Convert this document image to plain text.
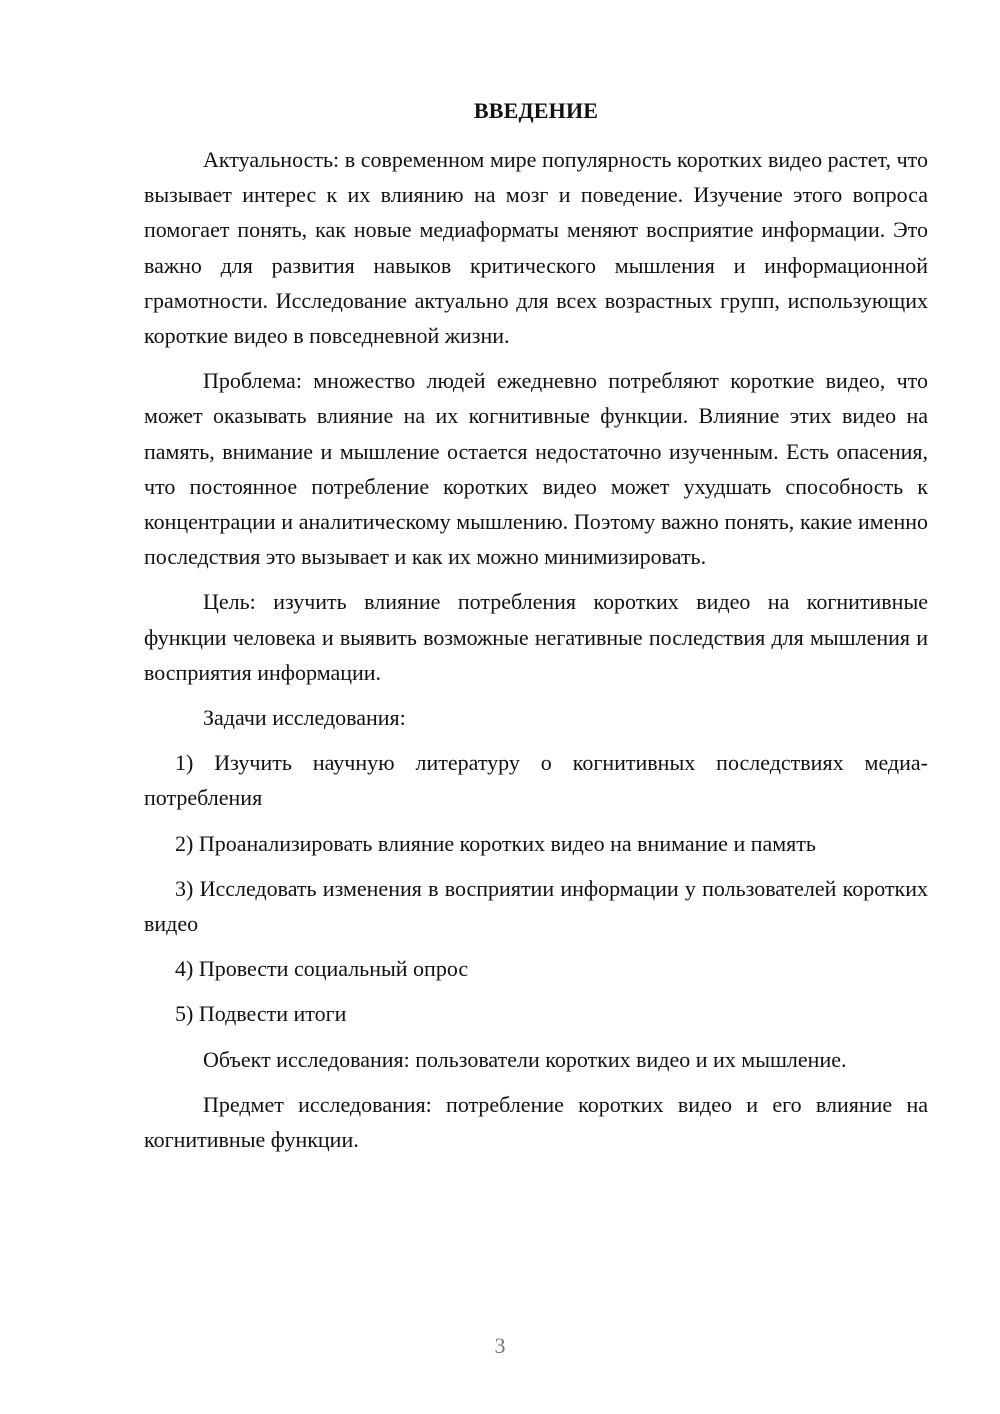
ВВЕДЕНИЕ

Актуальность: в современном мире популярность коротких видео растет, что вызывает интерес к их влиянию на мозг и поведение. Изучение этого вопроса помогает понять, как новые медиаформаты меняют восприятие информации. Это важно для развития навыков критического мышления и информационной грамотности. Исследование актуально для всех возрастных групп, использующих короткие видео в повседневной жизни.

Проблема: множество людей ежедневно потребляют короткие видео, что может оказывать влияние на их когнитивные функции. Влияние этих видео на память, внимание и мышление остается недостаточно изученным. Есть опасения, что постоянное потребление коротких видео может ухудшать способность к концентрации и аналитическому мышлению. Поэтому важно понять, какие именно последствия это вызывает и как их можно минимизировать.

Цель: изучить влияние потребления коротких видео на когнитивные функции человека и выявить возможные негативные последствия для мышления и восприятия информации.

Задачи исследования:

1) Изучить научную литературу о когнитивных последствиях медиа-потребления

2) Проанализировать влияние коротких видео на внимание и память

3) Исследовать изменения в восприятии информации у пользователей коротких видео

4) Провести социальный опрос

5) Подвести итоги

Объект исследования: пользователи коротких видео и их мышление.

Предмет исследования: потребление коротких видео и его влияние на когнитивные функции.

3
